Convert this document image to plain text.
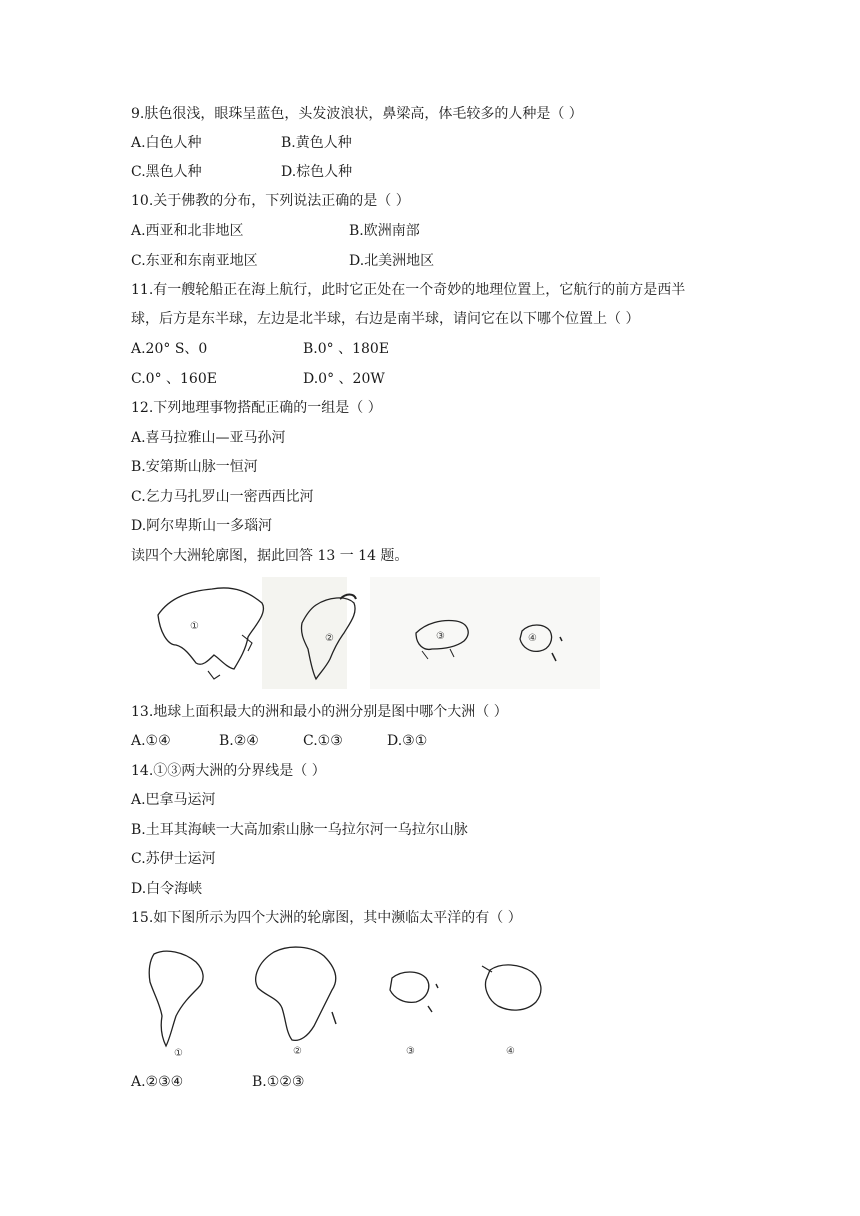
9.肤色很浅，眼珠呈蓝色，头发波浪状，鼻梁高，体毛较多的人种是（ ）
A.白色人种	B.黄色人种
C.黑色人种	D.棕色人种
10.关于佛教的分布，下列说法正确的是（ ）
A.西亚和北非地区	B.欧洲南部
C.东亚和东南亚地区	D.北美洲地区
11.有一艘轮船正在海上航行，此时它正处在一个奇妙的地理位置上，它航行的前方是西半
球，后方是东半球，左边是北半球，右边是南半球，请问它在以下哪个位置上（ ）
A.20° S、0	B.0° 、180E
C.0° 、160E	D.0° 、20W
12.下列地理事物搭配正确的一组是（ ）
A.喜马拉雅山—亚马孙河
B.安第斯山脉一恒河
C.乞力马扎罗山一密西西比河
D.阿尔卑斯山一多瑙河
读四个大洲轮廓图，据此回答 13 一 14 题。
①
②	③	④
13.地球上面积最大的洲和最小的洲分别是图中哪个大洲（ ）
A.①④	B.②④	C.①③	D.③①
14.①③两大洲的分界线是（ ）
A.巴拿马运河
B.土耳其海峡一大高加索山脉一乌拉尔河一乌拉尔山脉
C.苏伊士运河
D.白令海峡
15.如下图所示为四个大洲的轮廓图，其中濒临太平洋的有（ ）
①	②	③	④
A.②③④	B.①②③
